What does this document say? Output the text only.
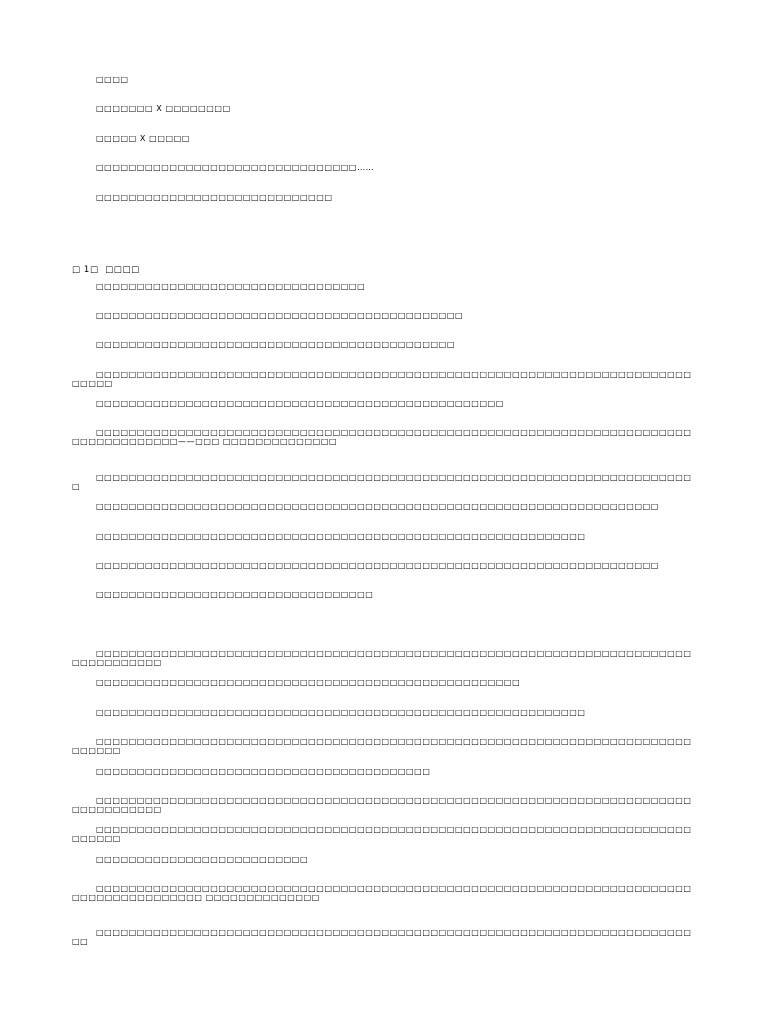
□□□□
□□□□□□□ X □□□□□□□□
□□□□□ X □□□□□
□□□□□□□□□□□□□□□□□□□□□□□□□□□□□□□□……
□□□□□□□□□□□□□□□□□□□□□□□□□□□□□
□ 1□  □□□□
□□□□□□□□□□□□□□□□□□□□□□□□□□□□□□□□□
□□□□□□□□□□□□□□□□□□□□□□□□□□□□□□□□□□□□□□□□□□□□□
□□□□□□□□□□□□□□□□□□□□□□□□□□□□□□□□□□□□□□□□□□□□
□□□□□□□□□□□□□□□□□□□□□□□□□□□□□□□□□□□□□□□□□□□□□□□□□□□□□□□□□□□□□□□□□□□□□□□□□□□□□□
□□□□□□□□□□□□□□□□□□□□□□□□□□□□□□□□□□□□□□□□□□□□□□□□□□
□□□□□□□□□□□□□□□□□□□□□□□□□□□□□□□□□□□□□□□□□□□□□□□□□□□□□□□□□□□□□□□□□□□□□□□□□□□□□□□□□□□□□□——□□□ □□□□□□□□□□□□□□
□□□□□□□□□□□□□□□□□□□□□□□□□□□□□□□□□□□□□□□□□□□□□□□□□□□□□□□□□□□□□□□□□□□□□□□□□□
□□□□□□□□□□□□□□□□□□□□□□□□□□□□□□□□□□□□□□□□□□□□□□□□□□□□□□□□□□□□□□□□□□□□□
□□□□□□□□□□□□□□□□□□□□□□□□□□□□□□□□□□□□□□□□□□□□□□□□□□□□□□□□□□□□
□□□□□□□□□□□□□□□□□□□□□□□□□□□□□□□□□□□□□□□□□□□□□□□□□□□□□□□□□□□□□□□□□□□□□
□□□□□□□□□□□□□□□□□□□□□□□□□□□□□□□□□□
□□□□□□□□□□□□□□□□□□□□□□□□□□□□□□□□□□□□□□□□□□□□□□□□□□□□□□□□□□□□□□□□□□□□□□□□□□□□□□□□□□□□
□□□□□□□□□□□□□□□□□□□□□□□□□□□□□□□□□□□□□□□□□□□□□□□□□□□□
□□□□□□□□□□□□□□□□□□□□□□□□□□□□□□□□□□□□□□□□□□□□□□□□□□□□□□□□□□□□
□□□□□□□□□□□□□□□□□□□□□□□□□□□□□□□□□□□□□□□□□□□□□□□□□□□□□□□□□□□□□□□□□□□□□□□□□□□□□□□
□□□□□□□□□□□□□□□□□□□□□□□□□□□□□□□□□□□□□□□□□
□□□□□□□□□□□□□□□□□□□□□□□□□□□□□□□□□□□□□□□□□□□□□□□□□□□□□□□□□□□□□□□□□□□□□□□□□□□□□□□□□□□□
□□□□□□□□□□□□□□□□□□□□□□□□□□□□□□□□□□□□□□□□□□□□□□□□□□□□□□□□□□□□□□□□□□□□□□□□□□□□□□□
□□□□□□□□□□□□□□□□□□□□□□□□□□
□□□□□□□□□□□□□□□□□□□□□□□□□□□□□□□□□□□□□□□□□□□□□□□□□□□□□□□□□□□□□□□□□□□□□□□□□□□□□□□□□□□□□□□□□ □□□□□□□□□□□□□□
□□□□□□□□□□□□□□□□□□□□□□□□□□□□□□□□□□□□□□□□□□□□□□□□□□□□□□□□□□□□□□□□□□□□□□□□□□□
